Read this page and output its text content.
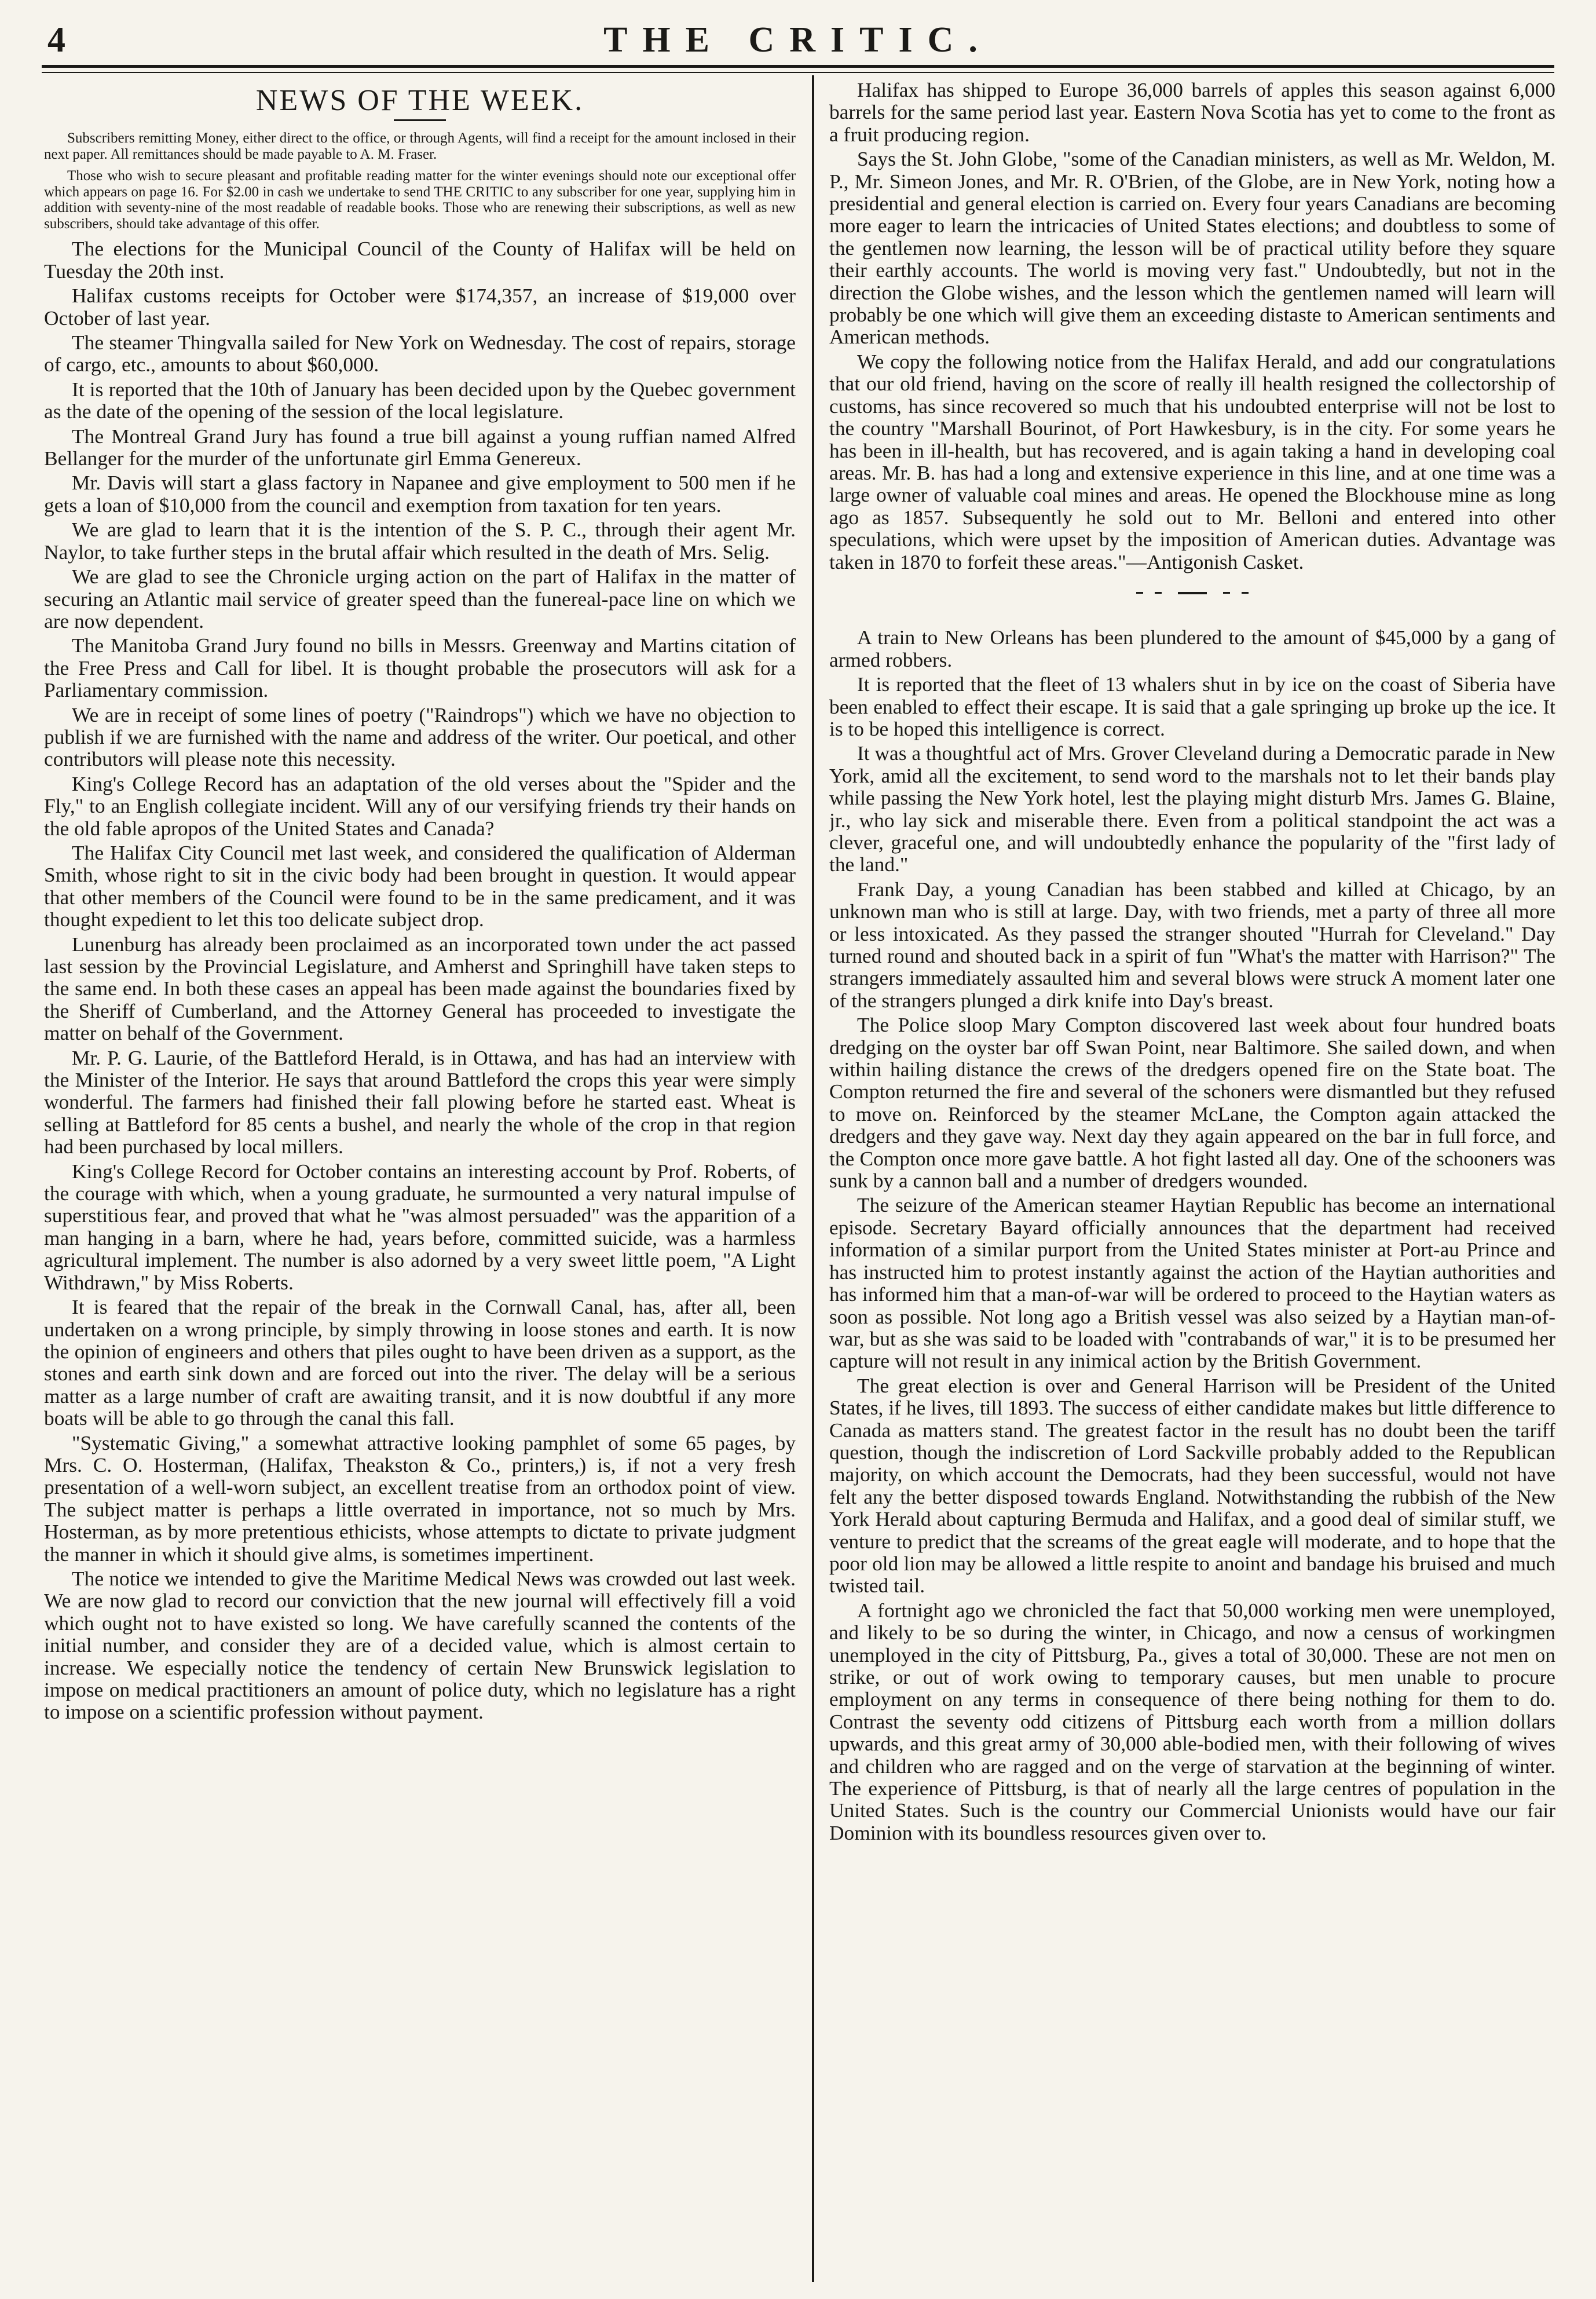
4	THE CRITIC.
NEWS OF THE WEEK.

Subscribers remitting Money, either direct to the office, or through Agents, will find a receipt for the amount inclosed in their next paper. All remittances should be made payable to A. M. Fraser.

Those who wish to secure pleasant and profitable reading matter for the winter evenings should note our exceptional offer which appears on page 16. For $2.00 in cash we undertake to send THE CRITIC to any subscriber for one year, supplying him in addition with seventy-nine of the most readable of readable books. Those who are renewing their subscriptions, as well as new subscribers, should take advantage of this offer.

The elections for the Municipal Council of the County of Halifax will be held on Tuesday the 20th inst.

Halifax customs receipts for October were $174,357, an increase of $19,000 over October of last year.

The steamer Thingvalla sailed for New York on Wednesday. The cost of repairs, storage of cargo, etc., amounts to about $60,000.

It is reported that the 10th of January has been decided upon by the Quebec government as the date of the opening of the session of the local legislature.

The Montreal Grand Jury has found a true bill against a young ruffian named Alfred Bellanger for the murder of the unfortunate girl Emma Genereux.

Mr. Davis will start a glass factory in Napanee and give employment to 500 men if he gets a loan of $10,000 from the council and exemption from taxation for ten years.

We are glad to learn that it is the intention of the S. P. C., through their agent Mr. Naylor, to take further steps in the brutal affair which resulted in the death of Mrs. Selig.

We are glad to see the Chronicle urging action on the part of Halifax in the matter of securing an Atlantic mail service of greater speed than the funereal-pace line on which we are now dependent.

The Manitoba Grand Jury found no bills in Messrs. Greenway and Martins citation of the Free Press and Call for libel. It is thought probable the prosecutors will ask for a Parliamentary commission.

We are in receipt of some lines of poetry ("Raindrops") which we have no objection to publish if we are furnished with the name and address of the writer. Our poetical, and other contributors will please note this necessity.

King's College Record has an adaptation of the old verses about the "Spider and the Fly," to an English collegiate incident. Will any of our versifying friends try their hands on the old fable apropos of the United States and Canada?

The Halifax City Council met last week, and considered the qualification of Alderman Smith, whose right to sit in the civic body had been brought in question. It would appear that other members of the Council were found to be in the same predicament, and it was thought expedient to let this too delicate subject drop.

Lunenburg has already been proclaimed as an incorporated town under the act passed last session by the Provincial Legislature, and Amherst and Springhill have taken steps to the same end. In both these cases an appeal has been made against the boundaries fixed by the Sheriff of Cumberland, and the Attorney General has proceeded to investigate the matter on behalf of the Government.

Mr. P. G. Laurie, of the Battleford Herald, is in Ottawa, and has had an interview with the Minister of the Interior. He says that around Battleford the crops this year were simply wonderful. The farmers had finished their fall plowing before he started east. Wheat is selling at Battleford for 85 cents a bushel, and nearly the whole of the crop in that region had been purchased by local millers.

King's College Record for October contains an interesting account by Prof. Roberts, of the courage with which, when a young graduate, he surmounted a very natural impulse of superstitious fear, and proved that what he "was almost persuaded" was the apparition of a man hanging in a barn, where he had, years before, committed suicide, was a harmless agricultural implement. The number is also adorned by a very sweet little poem, "A Light Withdrawn," by Miss Roberts.

It is feared that the repair of the break in the Cornwall Canal, has, after all, been undertaken on a wrong principle, by simply throwing in loose stones and earth. It is now the opinion of engineers and others that piles ought to have been driven as a support, as the stones and earth sink down and are forced out into the river. The delay will be a serious matter as a large number of craft are awaiting transit, and it is now doubtful if any more boats will be able to go through the canal this fall.

"Systematic Giving," a somewhat attractive looking pamphlet of some 65 pages, by Mrs. C. O. Hosterman, (Halifax, Theakston & Co., printers,) is, if not a very fresh presentation of a well-worn subject, an excellent treatise from an orthodox point of view. The subject matter is perhaps a little overrated in importance, not so much by Mrs. Hosterman, as by more pretentious ethicists, whose attempts to dictate to private judgment the manner in which it should give alms, is sometimes impertinent.

The notice we intended to give the Maritime Medical News was crowded out last week. We are now glad to record our conviction that the new journal will effectively fill a void which ought not to have existed so long. We have carefully scanned the contents of the initial number, and consider they are of a decided value, which is almost certain to increase. We especially notice the tendency of certain New Brunswick legislation to impose on medical practitioners an amount of police duty, which no legislature has a right to impose on a scientific profession without payment.

Halifax has shipped to Europe 36,000 barrels of apples this season against 6,000 barrels for the same period last year. Eastern Nova Scotia has yet to come to the front as a fruit producing region.

Says the St. John Globe, "some of the Canadian ministers, as well as Mr. Weldon, M. P., Mr. Simeon Jones, and Mr. R. O'Brien, of the Globe, are in New York, noting how a presidential and general election is carried on. Every four years Canadians are becoming more eager to learn the intricacies of United States elections; and doubtless to some of the gentlemen now learning, the lesson will be of practical utility before they square their earthly accounts. The world is moving very fast." Undoubtedly, but not in the direction the Globe wishes, and the lesson which the gentlemen named will learn will probably be one which will give them an exceeding distaste to American sentiments and American methods.

We copy the following notice from the Halifax Herald, and add our congratulations that our old friend, having on the score of really ill health resigned the collectorship of customs, has since recovered so much that his undoubted enterprise will not be lost to the country "Marshall Bourinot, of Port Hawkesbury, is in the city. For some years he has been in ill-health, but has recovered, and is again taking a hand in developing coal areas. Mr. B. has had a long and extensive experience in this line, and at one time was a large owner of valuable coal mines and areas. He opened the Blockhouse mine as long ago as 1857. Subsequently he sold out to Mr. Belloni and entered into other speculations, which were upset by the imposition of American duties. Advantage was taken in 1870 to forfeit these areas."—Antigonish Casket.

A train to New Orleans has been plundered to the amount of $45,000 by a gang of armed robbers.

It is reported that the fleet of 13 whalers shut in by ice on the coast of Siberia have been enabled to effect their escape. It is said that a gale springing up broke up the ice. It is to be hoped this intelligence is correct.

It was a thoughtful act of Mrs. Grover Cleveland during a Democratic parade in New York, amid all the excitement, to send word to the marshals not to let their bands play while passing the New York hotel, lest the playing might disturb Mrs. James G. Blaine, jr., who lay sick and miserable there. Even from a political standpoint the act was a clever, graceful one, and will undoubtedly enhance the popularity of the "first lady of the land."

Frank Day, a young Canadian has been stabbed and killed at Chicago, by an unknown man who is still at large. Day, with two friends, met a party of three all more or less intoxicated. As they passed the stranger shouted "Hurrah for Cleveland." Day turned round and shouted back in a spirit of fun "What's the matter with Harrison?" The strangers immediately assaulted him and several blows were struck A moment later one of the strangers plunged a dirk knife into Day's breast.

The Police sloop Mary Compton discovered last week about four hundred boats dredging on the oyster bar off Swan Point, near Baltimore. She sailed down, and when within hailing distance the crews of the dredgers opened fire on the State boat. The Compton returned the fire and several of the schoners were dismantled but they refused to move on. Reinforced by the steamer McLane, the Compton again attacked the dredgers and they gave way. Next day they again appeared on the bar in full force, and the Compton once more gave battle. A hot fight lasted all day. One of the schooners was sunk by a cannon ball and a number of dredgers wounded.

The seizure of the American steamer Haytian Republic has become an international episode. Secretary Bayard officially announces that the department had received information of a similar purport from the United States minister at Port-au Prince and has instructed him to protest instantly against the action of the Haytian authorities and has informed him that a man-of-war will be ordered to proceed to the Haytian waters as soon as possible. Not long ago a British vessel was also seized by a Haytian man-of-war, but as she was said to be loaded with "contrabands of war," it is to be presumed her capture will not result in any inimical action by the British Government.

The great election is over and General Harrison will be President of the United States, if he lives, till 1893. The success of either candidate makes but little difference to Canada as matters stand. The greatest factor in the result has no doubt been the tariff question, though the indiscretion of Lord Sackville probably added to the Republican majority, on which account the Democrats, had they been successful, would not have felt any the better disposed towards England. Notwithstanding the rubbish of the New York Herald about capturing Bermuda and Halifax, and a good deal of similar stuff, we venture to predict that the screams of the great eagle will moderate, and to hope that the poor old lion may be allowed a little respite to anoint and bandage his bruised and much twisted tail.

A fortnight ago we chronicled the fact that 50,000 working men were unemployed, and likely to be so during the winter, in Chicago, and now a census of workingmen unemployed in the city of Pittsburg, Pa., gives a total of 30,000. These are not men on strike, or out of work owing to temporary causes, but men unable to procure employment on any terms in consequence of there being nothing for them to do. Contrast the seventy odd citizens of Pittsburg each worth from a million dollars upwards, and this great army of 30,000 able-bodied men, with their following of wives and children who are ragged and on the verge of starvation at the beginning of winter. The experience of Pittsburg, is that of nearly all the large centres of population in the United States. Such is the country our Commercial Unionists would have our fair Dominion with its boundless resources given over to.
